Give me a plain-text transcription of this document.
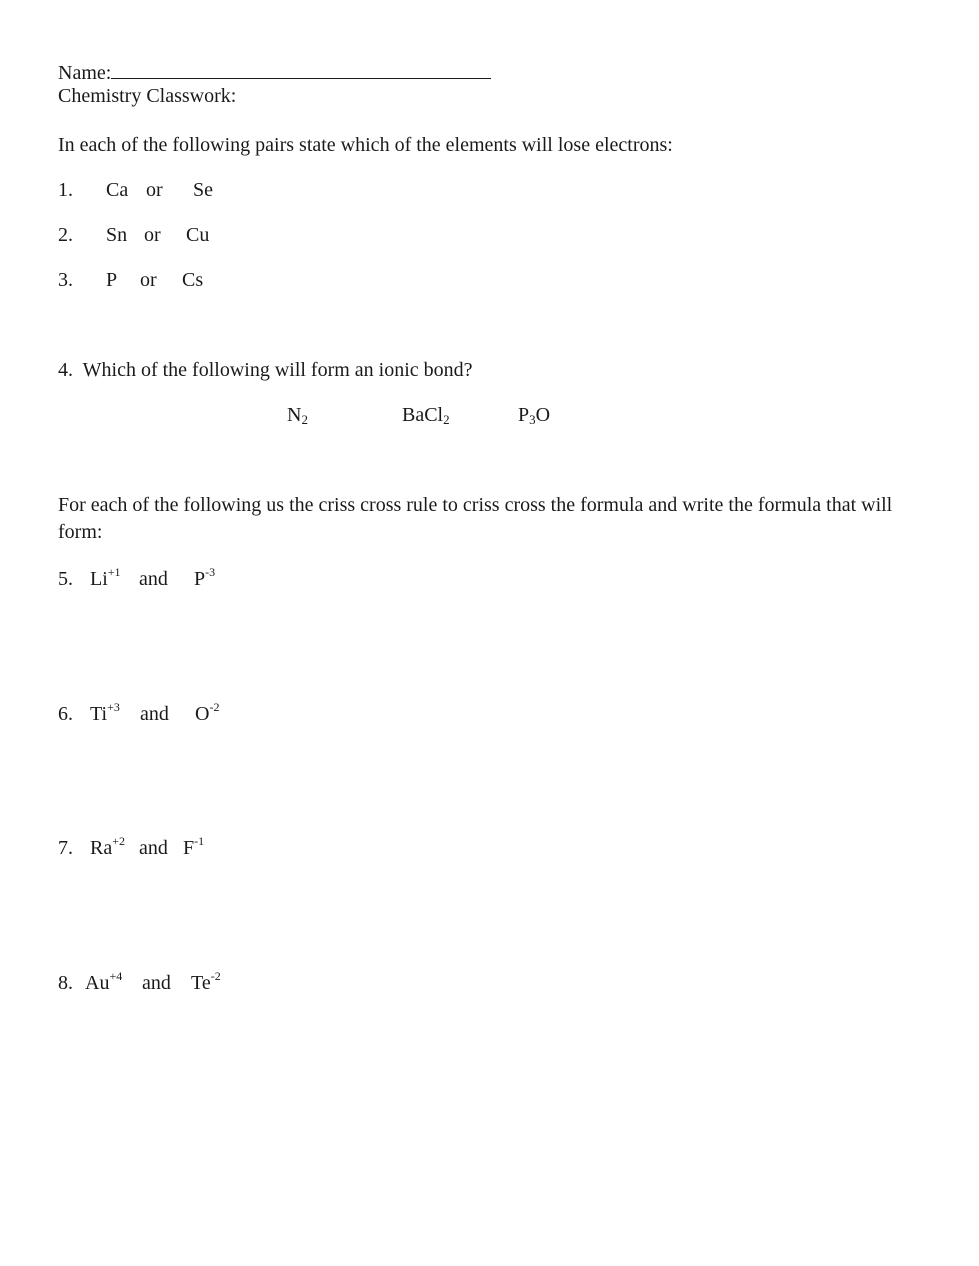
Name:
Chemistry Classwork:
In each of the following pairs state which of the elements will lose electrons:
1. Ca or Se
2. Sn or Cu
3. P or Cs
4. Which of the following will form an ionic bond?
$N_2$	BaCl$_2$	$P_3O$
For each of the following us the criss cross rule to criss cross the formula and write the formula that will form:
5. $Li^{+1}$ and $P^{-3}$
6. $Ti^{+3}$ and $O^{-2}$
7. $Ra^{+2}$ and $F^{-1}$
8. $Au^{+4}$ and $Te^{-2}$
